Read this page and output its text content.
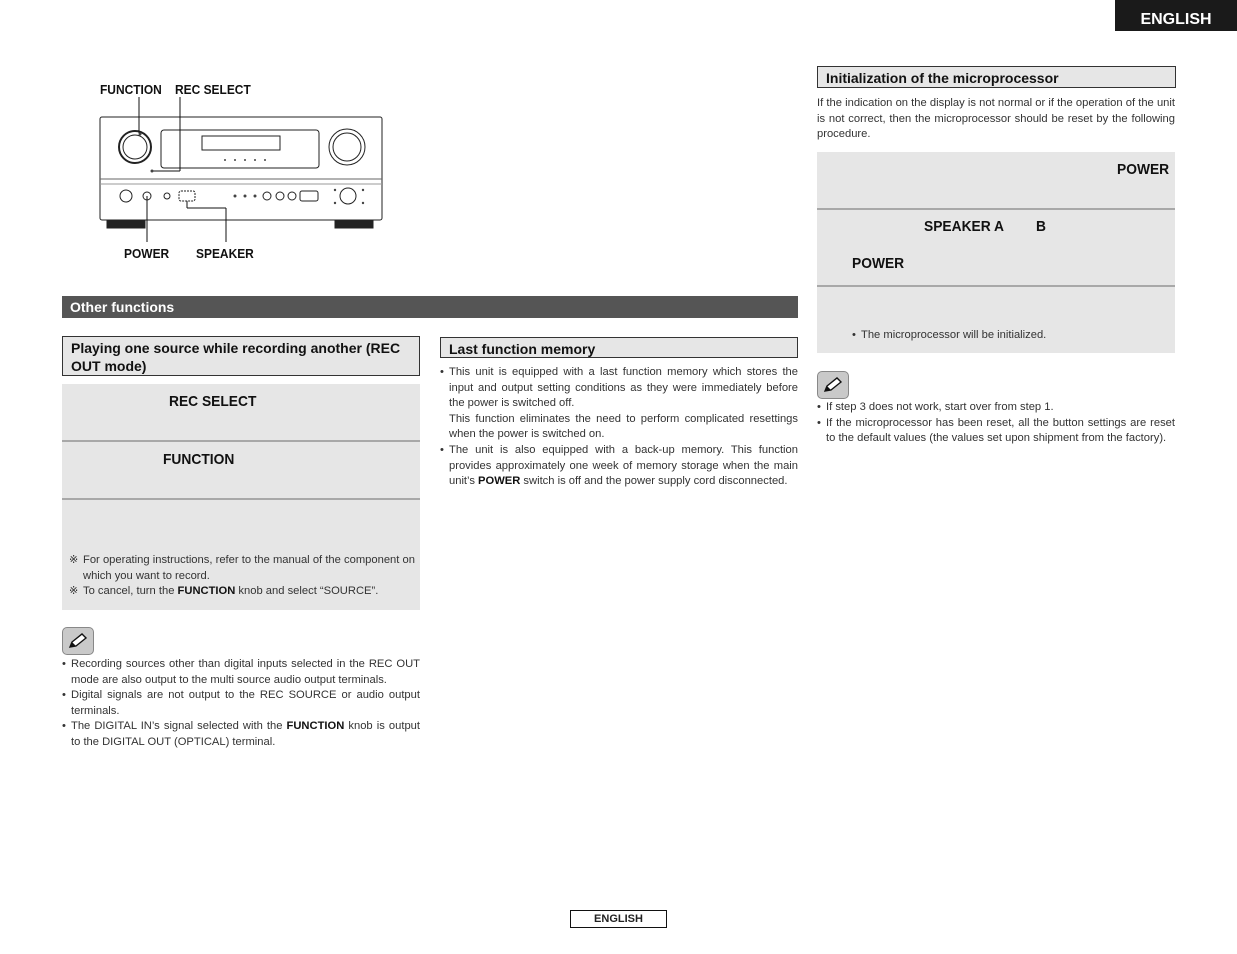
ENGLISH
FUNCTION REC SELECT
POWER SPEAKER
Other functions
Playing one source while recording another (REC OUT mode)
REC SELECT
FUNCTION
※ For operating instructions, refer to the manual of the component on which you want to record.
※ To cancel, turn the FUNCTION knob and select “SOURCE”.
• Recording sources other than digital inputs selected in the REC OUT mode are also output to the multi source audio output terminals.
• Digital signals are not output to the REC SOURCE or audio output terminals.
• The DIGITAL IN’s signal selected with the FUNCTION knob is output to the DIGITAL OUT (OPTICAL) terminal.
Last function memory

• This unit is equipped with a last function memory which stores the input and output setting conditions as they were immediately before the power is switched off.

This function eliminates the need to perform complicated resettings when the power is switched on.

• The unit is also equipped with a back-up memory. This function provides approximately one week of memory storage when the main unit’s POWER switch is off and the power supply cord disconnected.
Initialization of the microprocessor
If the indication on the display is not normal or if the operation of the unit is not correct, then the microprocessor should be reset by the following procedure.
POWER
SPEAKER A B
POWER
• The microprocessor will be initialized.
• If step 3 does not work, start over from step 1.
• If the microprocessor has been reset, all the button settings are reset to the default values (the values set upon shipment from the factory).
ENGLISH
